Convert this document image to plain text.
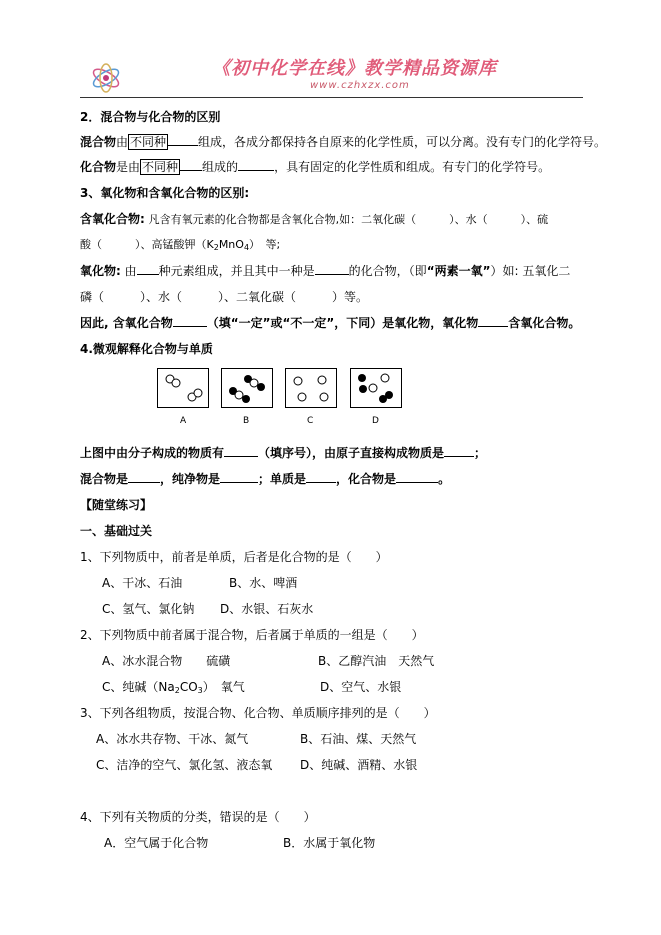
《初中化学在线》教学精品资源库
www.czhxzx.com
2．混合物与化合物的区别
混合物由 不同种	组成，各成分都保持各自原来的化学性质，可以分离。没有专门的化学符号。
化合物是由 不同种 组成的	，具有固定的化学性质和组成。有专门的化学符号。
3、氧化物和含氧化合物的区别:
含氧化合物: 凡含有氧元素的化合物都是含氧化合物,如：二氧化碳（　　　）、水（　　　）、硫
酸（　　　）、高锰酸钾$(K_2MnO_4)$　等;
氧化物: 由 种元素组成，并且其中一种是	的化合物，（即“两素一氧”）如: 五氧化二
磷（　　　）、水（　　　）、二氧化碳（　　　）等。
因此, 含氧化合物	（填“一定”或“不一定”，下同）是氧化物，氧化物	含氧化合物。
4.微观解释化合物与单质
A	B	C	D
上图中由分子构成的物质有	（填序号），由原子直接构成物质是	；
混合物是	，纯净物是	；单质是	，化合物是	。
【随堂练习】
一、基础过关
1、下列物质中，前者是单质，后者是化合物的是（　　）
A、干冰、石油	B、水、啤酒
C、氢气、氯化钠 D、水银、石灰水
2、下列物质中前者属于混合物，后者属于单质的一组是（　　）
A、冰水混合物　　硫磺	B、乙醇汽油　天然气
C、纯碱$(Na_2CO_3)$　氧气	D、空气、水银
3、下列各组物质，按混合物、化合物、单质顺序排列的是（　　）
A、冰水共存物、干冰、氮气	B、石油、煤、天然气
C、洁净的空气、氯化氢、液态氧 D、纯碱、酒精、水银
4、下列有关物质的分类，错误的是（　　）
A．空气属于化合物	B．水属于氧化物
